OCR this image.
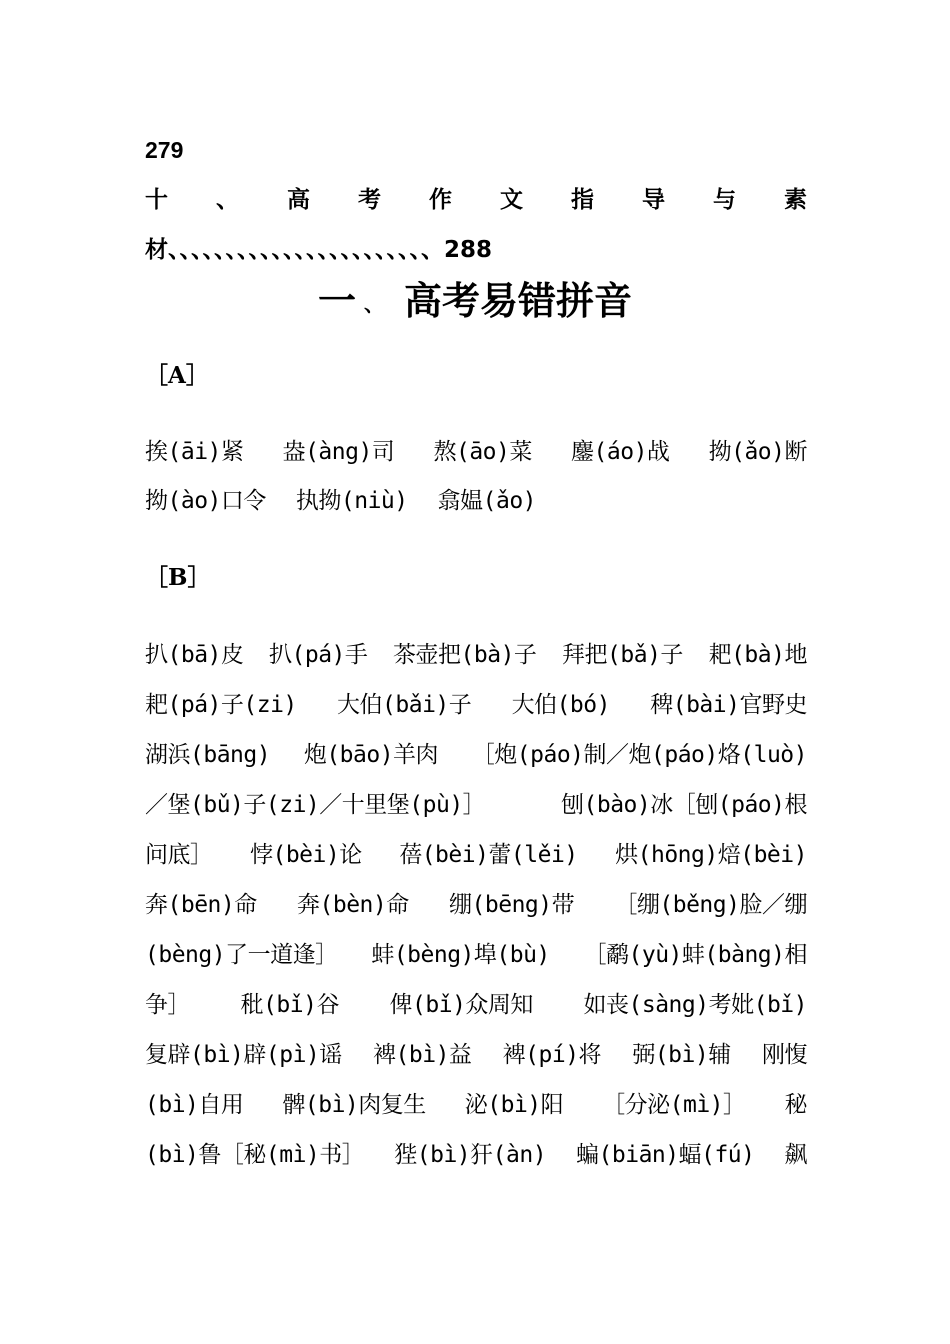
279
十 、 高 考 作 文 指 导 与 素
材、、、、、、、、、、、、、、、、、、、、、、、288
一 、 高考易错拼音
［A］
挨(āi)紧 盎(àng)司 熬(āo)菜 鏖(áo)战 拗(ǎo)断
拗(ào)口令 执拗(niù) 翕媪(ǎo)
［B］
扒(bā)皮 扒(pá)手 茶壶把(bà)子 拜把(bǎ)子 耙(bà)地
耙(pá)子(zi) 大伯(bǎi)子 大伯(bó) 稗(bài)官野史
湖浜(bāng) 炮(bāo)羊肉 ［炮(páo)制／炮(páo)烙(luò)
／堡(bǔ)子(zi)／十里堡(pù)］	刨(bào)冰［刨(páo)根
问底］ 悖(bèi)论 蓓(bèi)蕾(lěi) 烘(hōng)焙(bèi)
奔(bēn)命 奔(bèn)命 绷(bēng)带 ［绷(běng)脸／绷
(bèng)了一道逢］ 蚌(bèng)埠(bù) ［鹬(yù)蚌(bàng)相
争］ 秕(bǐ)谷 俾(bǐ)众周知 如丧(sàng)考妣(bǐ)
复辟(bì)辟(pì)谣 裨(bì)益 裨(pí)将 弼(bì)辅 刚愎
(bì)自用 髀(bì)肉复生 泌(bì)阳 ［分泌(mì)］ 秘
(bì)鲁［秘(mì)书］ 狴(bì)犴(àn) 蝙(biān)蝠(fú) 飙
